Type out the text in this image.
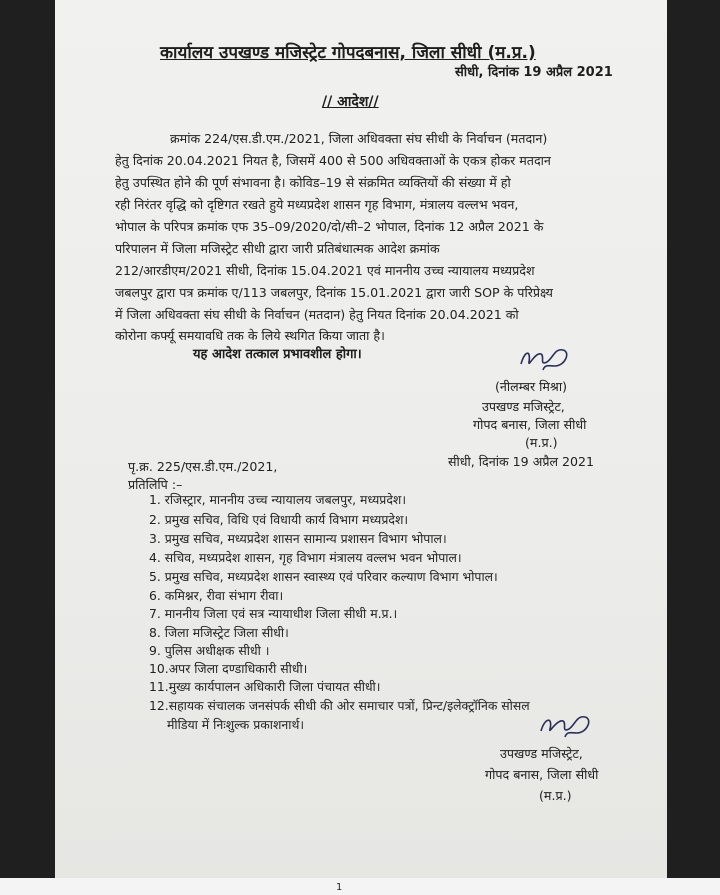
कार्यालय उपखण्ड मजिस्ट्रेट गोपदबनास, जिला सीधी (म.प्र.)
सीधी, दिनांक 19 अप्रैल 2021
// आदेश//
क्रमांक 224/एस.डी.एम./2021, जिला अधिवक्ता संघ सीधी के निर्वाचन (मतदान)
हेतु दिनांक 20.04.2021 नियत है, जिसमें 400 से 500 अधिवक्ताओं के एकत्र होकर मतदान
हेतु उपस्थित होने की पूर्ण संभावना है। कोविड–19 से संक्रमित व्यक्तियों की संख्या में हो
रही निरंतर वृद्धि को दृष्टिगत रखते हुये मध्यप्रदेश शासन गृह विभाग, मंत्रालय वल्लभ भवन,
भोपाल के परिपत्र क्रमांक एफ 35–09/2020/दो/सी–2 भोपाल, दिनांक 12 अप्रैल 2021 के
परिपालन में जिला मजिस्ट्रेट सीधी द्वारा जारी प्रतिबंधात्मक आदेश क्रमांक
212/आरडीएम/2021 सीधी, दिनांक 15.04.2021 एवं माननीय उच्च न्यायालय मध्यप्रदेश
जबलपुर द्वारा पत्र क्रमांक ए/113 जबलपुर, दिनांक 15.01.2021 द्वारा जारी SOP के परिप्रेक्ष्य
में जिला अधिवक्ता संघ सीधी के निर्वाचन (मतदान) हेतु नियत दिनांक 20.04.2021 को
कोरोना कर्फ्यू समयावधि तक के लिये स्थगित किया जाता है।
यह आदेश तत्काल प्रभावशील होगा।
(नीलम्बर मिश्रा)
उपखण्ड मजिस्ट्रेट,
गोपद बनास, जिला सीधी
(म.प्र.)
पृ.क्र. 225/एस.डी.एम./2021,	सीधी, दिनांक 19 अप्रैल 2021
प्रतिलिपि :–
1. रजिस्ट्रार, माननीय उच्च न्यायालय जबलपुर, मध्यप्रदेश।
2. प्रमुख सचिव, विधि एवं विधायी कार्य विभाग मध्यप्रदेश।
3. प्रमुख सचिव, मध्यप्रदेश शासन सामान्य प्रशासन विभाग भोपाल।
4. सचिव, मध्यप्रदेश शासन, गृह विभाग मंत्रालय वल्लभ भवन भोपाल।
5. प्रमुख सचिव, मध्यप्रदेश शासन स्वास्थ्य एवं परिवार कल्याण विभाग भोपाल।
6. कमिश्नर, रीवा संभाग रीवा।
7. माननीय जिला एवं सत्र न्यायाधीश जिला सीधी म.प्र.।
8. जिला मजिस्ट्रेट जिला सीधी।
9. पुलिस अधीक्षक सीधी ।
10.अपर जिला दण्डाधिकारी सीधी।
11.मुख्य कार्यपालन अधिकारी जिला पंचायत सीधी।
12.सहायक संचालक जनसंपर्क सीधी की ओर समाचार पत्रों, प्रिन्ट/इलेक्ट्रॉनिक सोसल
मीडिया में निःशुल्क प्रकाशनार्थ।
उपखण्ड मजिस्ट्रेट,
गोपद बनास, जिला सीधी
(म.प्र.)
1
